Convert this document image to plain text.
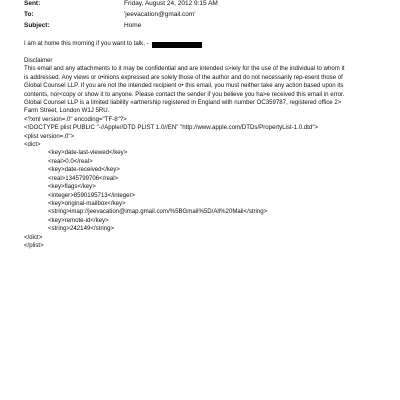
Sent:	Friday, August 24, 2012 9:15 AM
To:	'jeevacation@gmail.com'
Subject:	Home
I am at home this morning if you want to talk, -
Disclaimer
This email and any attachments to it may be confidential and are intended s>lely for the use of the individual to whom it
is addressed. Any views or o•inions expressed are solely those of the author and do not necessarily rep-esent those of
Global Counsel LLP. If you are not the intended recipient o• this email, you must neither take any action based upon its
contents, nor<copy or show it to anyone. Please contact the sender if you believe you ha>e received this email in error.
Global Counsel LLP is a limited liability «artnership registered in England with number OC359787, registered office 2>
Farm Street, London W1J 5RU.
<?xml version=.0" encoding="TF-8"?>
<!DOCTYPE plist PUBLIC "-//Apple//DTD PLIST 1.0//EN" "http://www.apple.com/DTDs/PropertyList-1.0.dtd">
<plist version=.0">
<dict>
<key>date-last-viewed</key>
<real>0.0</real>
<key>date-received</key>
<real>1345799706</real>
<key>flags</key>
<integer>8590195713</integer>
<key>original-mailbox</key>
<string>imap://jeevacation@imap.gmail.com/%5BGmail%5D/All%20Mail</string>
<key>remote-id</key>
<string>242149</string>
</dict>
</plist>
